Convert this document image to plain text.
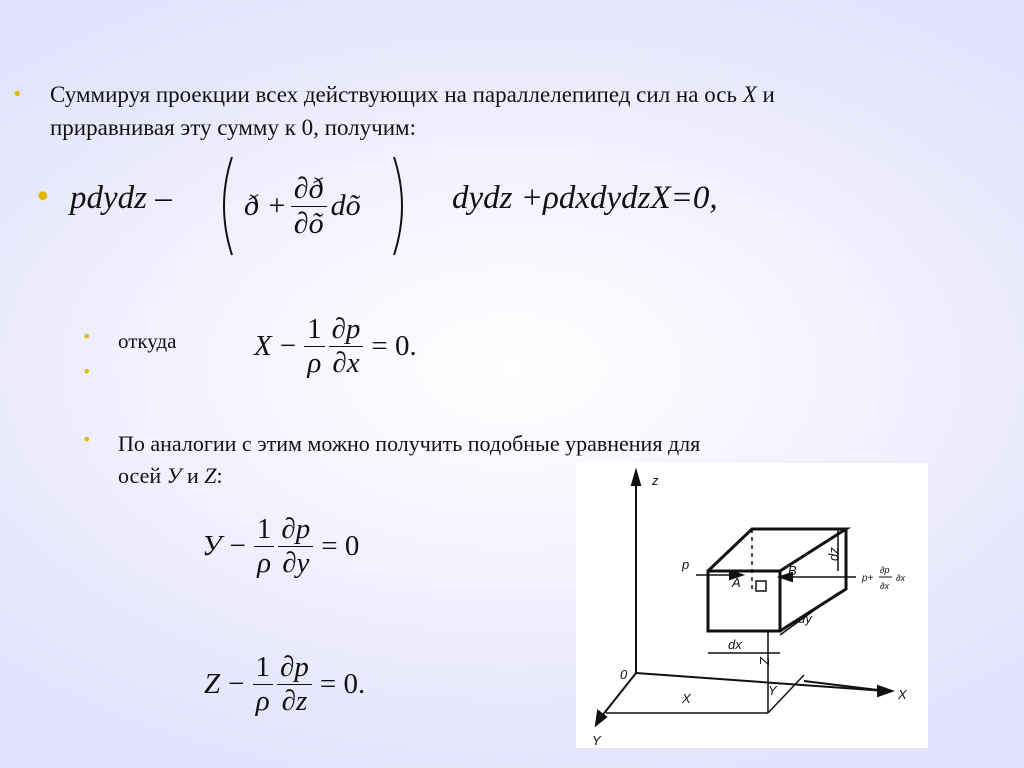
• Суммируя проекции всех действующих на параллелепипед сил на ось X и
приравнивая эту сумму к 0, получим:
• pdydz – ð + $\frac{\partial ð}{\partial õ}$ dõ	dydz +ρdxdydzX=0,
• откуда
•
$X - \frac{1}{\rho} \frac{\partial p}{\partial x} = 0$.
• По аналогии с этим можно получить подобные уравнения для
осей У и Z:
$У - \frac{1}{\rho} \frac{\partial p}{\partial y} = 0$
$Z - \frac{1}{\rho} \frac{\partial p}{\partial z} = 0$.
z
X
X
Y
Y
0
p
A
B
dx
dy
dz
Z
p+
∂p
∂x
∂x
